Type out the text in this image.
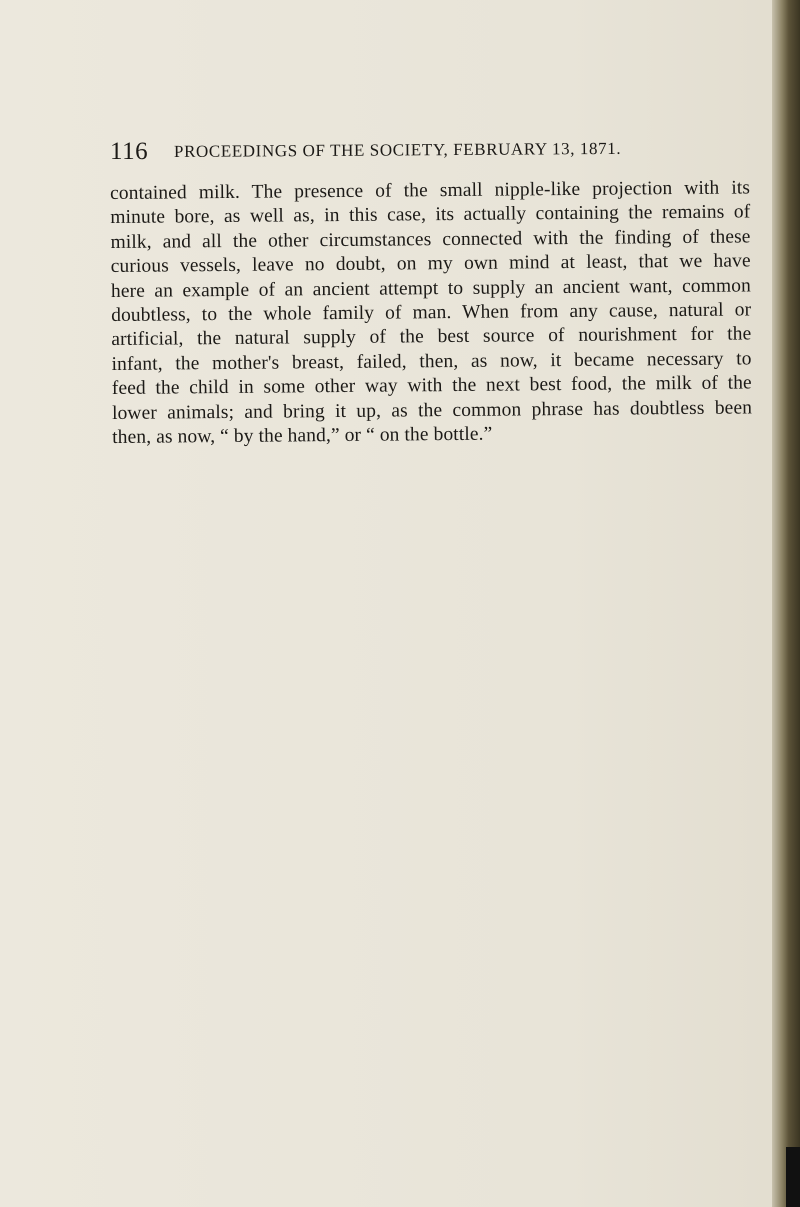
116 PROCEEDINGS OF THE SOCIETY, FEBRUARY 13, 1871.
contained milk. The presence of the small nipple-like projection with its
minute bore, as well as, in this case, its actually containing the remains of
milk, and all the other circumstances connected with the finding of these
curious vessels, leave no doubt, on my own mind at least, that we have
here an example of an ancient attempt to supply an ancient want, common
doubtless, to the whole family of man. When from any cause, natural or
artificial, the natural supply of the best source of nourishment for the
infant, the mother's breast, failed, then, as now, it became necessary to
feed the child in some other way with the next best food, the milk of the
lower animals; and bring it up, as the common phrase has doubtless been
then, as now, “ by the hand,” or “ on the bottle.”
